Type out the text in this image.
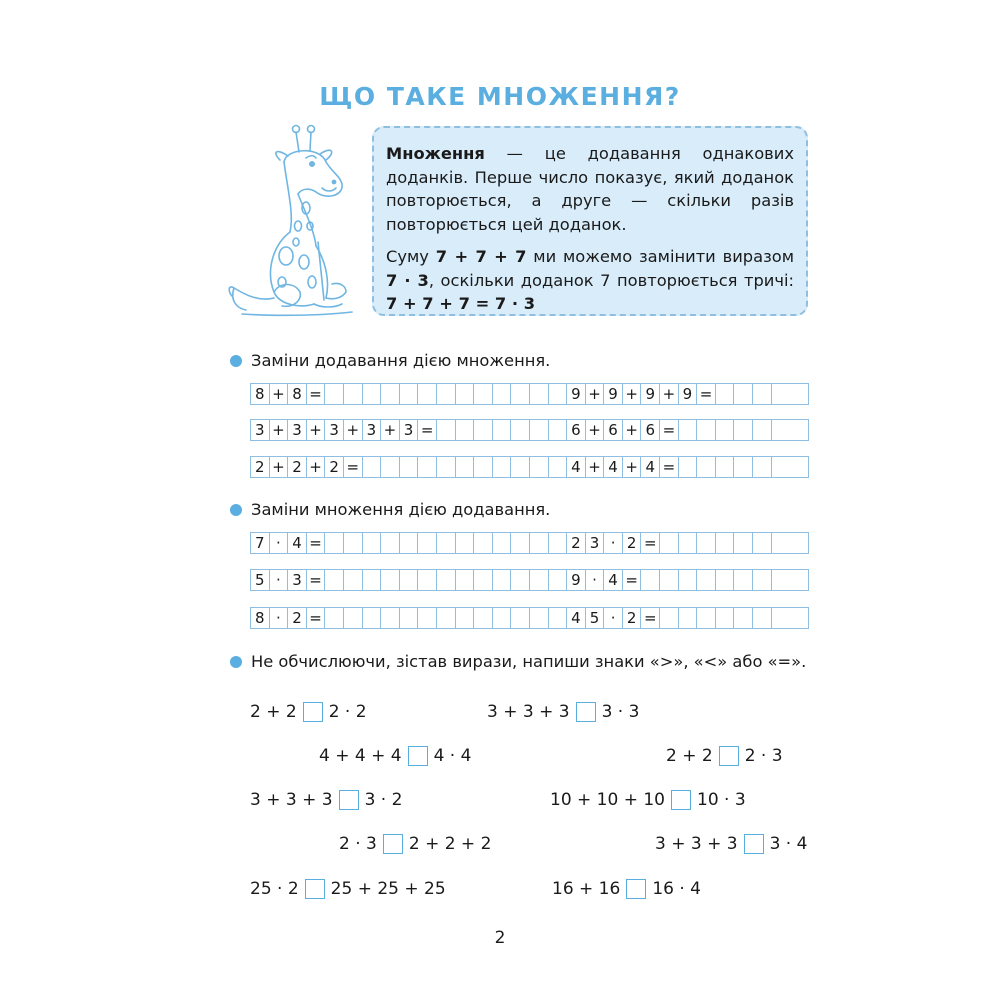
ЩО ТАКЕ МНОЖЕННЯ?

Множення — це додавання однакових доданків. Перше число показує, який доданок повторюється, а друге — скільки разів повторюється цей доданок.

Суму 7 + 7 + 7 ми можемо замінити виразом 7 · 3, оскільки доданок 7 повторюється тричі: 7 + 7 + 7 = 7 · 3

Заміни додавання дією множення.
8 + 8 =	9 + 9 + 9 + 9 =
3 + 3 + 3 + 3 + 3 =	6 + 6 + 6 =
2 + 2 + 2 =	4 + 4 + 4 =
Заміни множення дією додавання.
7 · 4 =	2 3 · 2 =
5 · 3 =	9 · 4 =
8 · 2 =	4 5 · 2 =
Не обчислюючи, зістав вирази, напиши знаки «>», «<» або «=».
2 + 2 2 · 2	3 + 3 + 3 3 · 3
4 + 4 + 4 4 · 4	2 + 2 2 · 3
3 + 3 + 3 3 · 2	10 + 10 + 10 10 · 3
2 · 3 2 + 2 + 2	3 + 3 + 3 3 · 4
25 · 2 25 + 25 + 25	16 + 16 16 · 4
2
